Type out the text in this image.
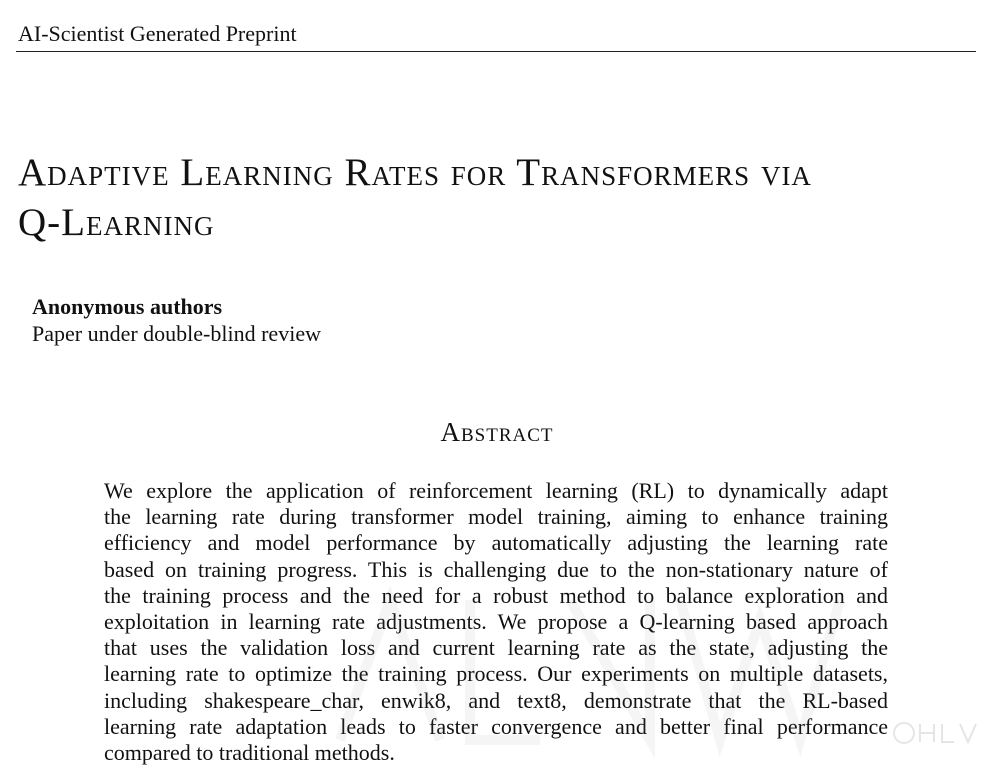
AI-Scientist Generated Preprint
Adaptive Learning Rates for Transformers via
Q-Learning
Anonymous authors
Paper under double-blind review
Abstract
We explore the application of reinforcement learning (RL) to dynamically adapt
the learning rate during transformer model training, aiming to enhance training
efficiency and model performance by automatically adjusting the learning rate
based on training progress. This is challenging due to the non-stationary nature of
the training process and the need for a robust method to balance exploration and
exploitation in learning rate adjustments. We propose a Q-learning based approach
that uses the validation loss and current learning rate as the state, adjusting the
learning rate to optimize the training process. Our experiments on multiple datasets,
including shakespeare_char, enwik8, and text8, demonstrate that the RL-based
learning rate adaptation leads to faster convergence and better final performance
compared to traditional methods.
